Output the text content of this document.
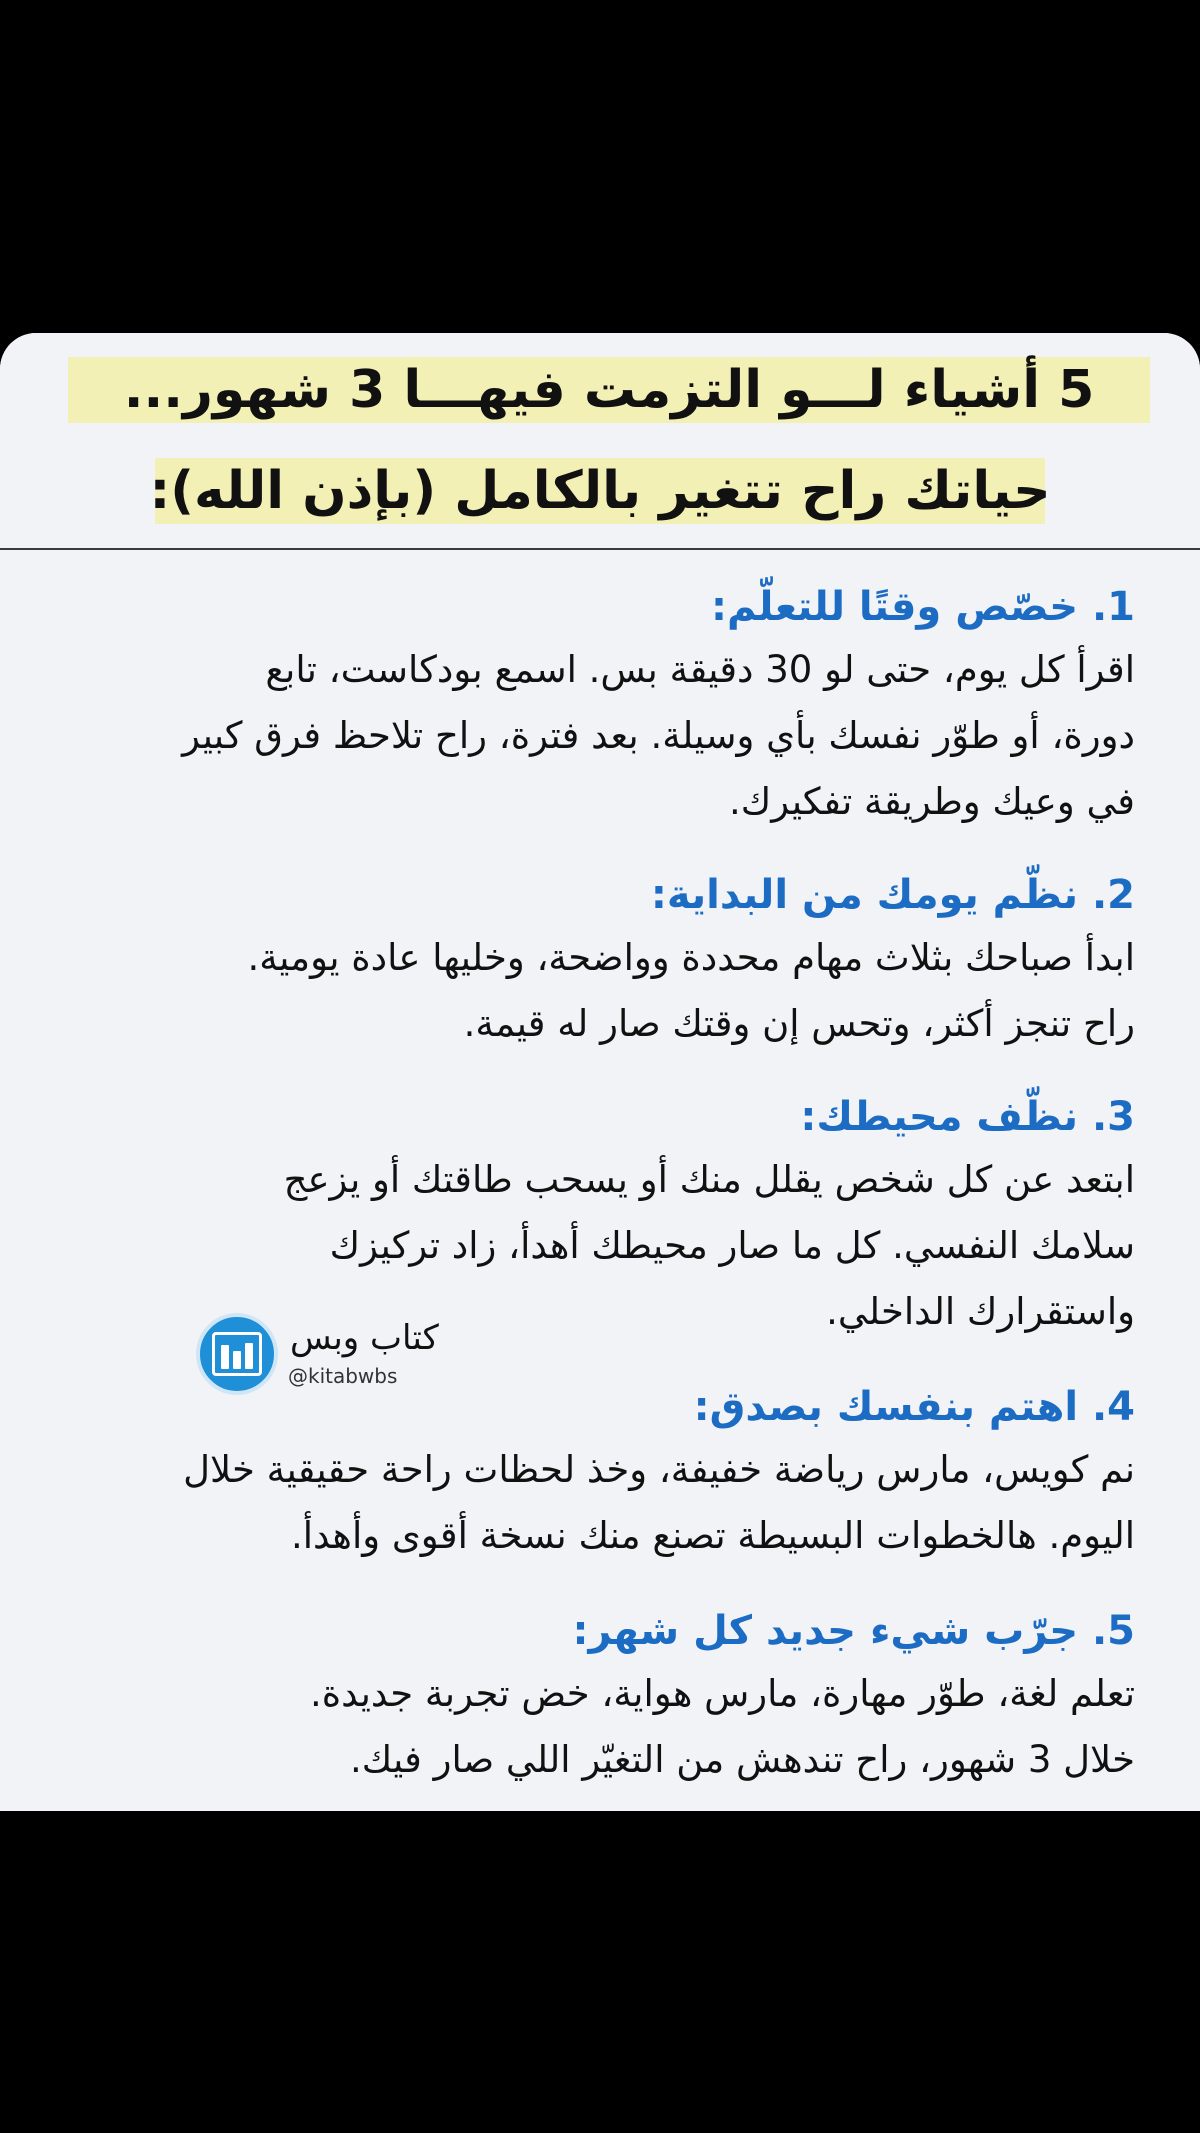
5 أشياء لـــو التزمت فيهـــا 3 شهور...
حياتك راح تتغير بالكامل (بإذن الله):
1. خصّص وقتًا للتعلّم:
اقرأ كل يوم، حتى لو 30 دقيقة بس. اسمع بودكاست، تابع
دورة، أو طوّر نفسك بأي وسيلة. بعد فترة، راح تلاحظ فرق كبير
في وعيك وطريقة تفكيرك.
2. نظّم يومك من البداية:
ابدأ صباحك بثلاث مهام محددة وواضحة، وخليها عادة يومية.
راح تنجز أكثر، وتحس إن وقتك صار له قيمة.
3. نظّف محيطك:
ابتعد عن كل شخص يقلل منك أو يسحب طاقتك أو يزعج
سلامك النفسي. كل ما صار محيطك أهدأ، زاد تركيزك
واستقرارك الداخلي.
4. اهتم بنفسك بصدق:
نم كويس، مارس رياضة خفيفة، وخذ لحظات راحة حقيقية خلال
اليوم. هالخطوات البسيطة تصنع منك نسخة أقوى وأهدأ.
5. جرّب شيء جديد كل شهر:
تعلم لغة، طوّر مهارة، مارس هواية، خض تجربة جديدة.
خلال 3 شهور، راح تندهش من التغيّر اللي صار فيك.
كتاب وبس
@kitabwbs
